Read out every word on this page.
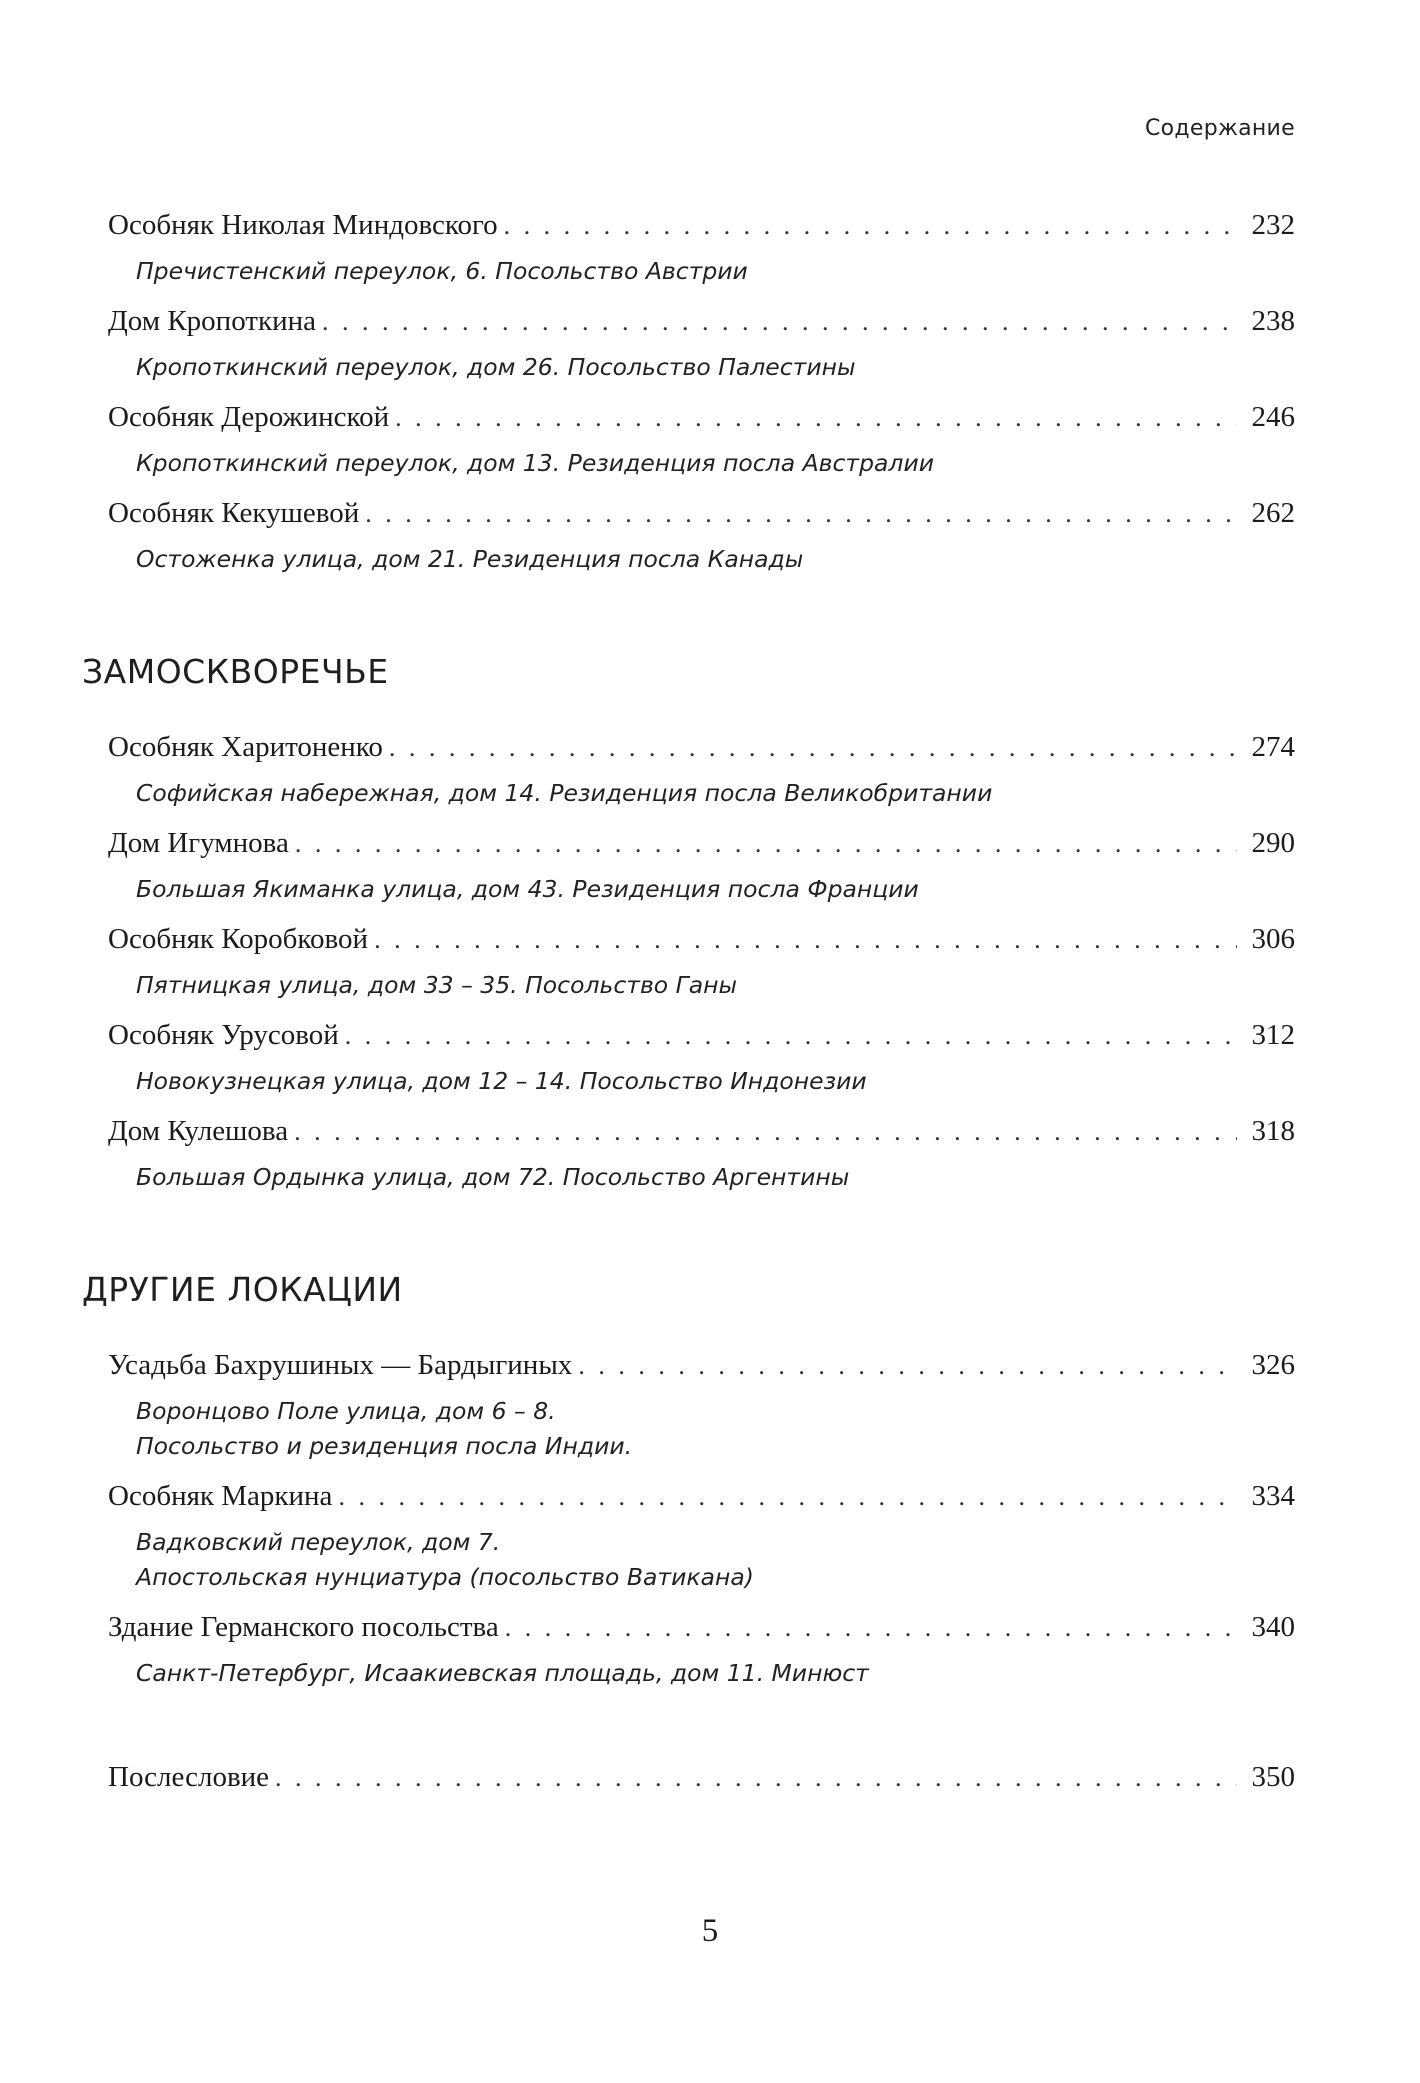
Содержание
Особняк Николая Миндовского . . .	232
Пречистенский переулок, 6. Посольство Австрии
Дом Кропоткина . . .	238
Кропоткинский переулок, дом 26. Посольство Палестины
Особняк Дерожинской . . .	246
Кропоткинский переулок, дом 13. Резиденция посла Австралии
Особняк Кекушевой . . .	262
Остоженка улица, дом 21. Резиденция посла Канады
ЗАМОСКВОРЕЧЬЕ
Особняк Харитоненко . . .	274
Софийская набережная, дом 14. Резиденция посла Великобритании
Дом Игумнова . . .	290
Большая Якиманка улица, дом 43. Резиденция посла Франции
Особняк Коробковой . . .	306
Пятницкая улица, дом 33 – 35. Посольство Ганы
Особняк Урусовой . . .	312
Новокузнецкая улица, дом 12 – 14. Посольство Индонезии
Дом Кулешова . . .	318
Большая Ордынка улица, дом 72. Посольство Аргентины
ДРУГИЕ ЛОКАЦИИ
Усадьба Бахрушиных — Бардыгиных . . .	326
Воронцово Поле улица, дом 6 – 8.
Посольство и резиденция посла Индии.
Особняк Маркина . . .	334
Вадковский переулок, дом 7.
Апостольская нунциатура (посольство Ватикана)
Здание Германского посольства . . .	340
Санкт-Петербург, Исаакиевская площадь, дом 11. Минюст
Послесловие . . .	350
5
